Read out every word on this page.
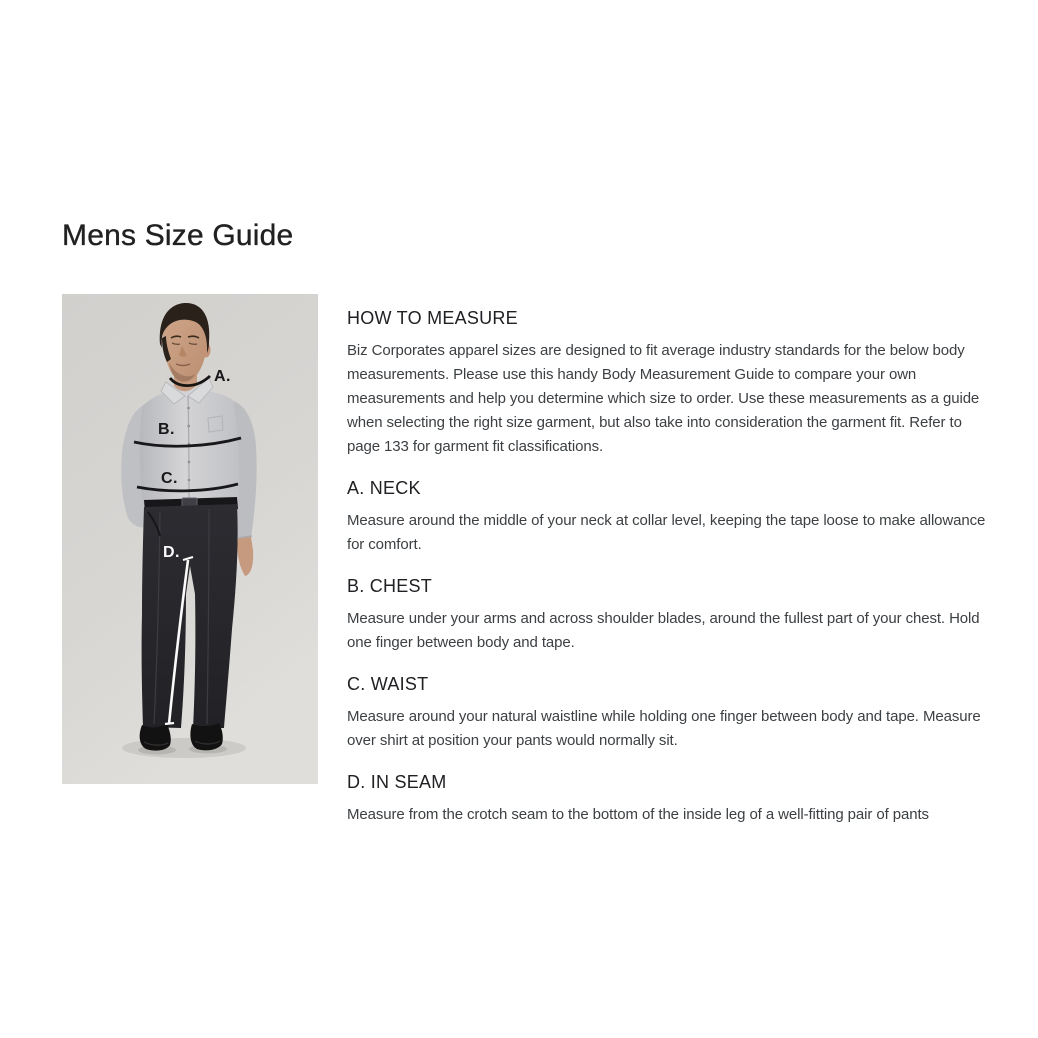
Mens Size Guide
A.
B.
C.
D.
HOW TO MEASURE

Biz Corporates apparel sizes are designed to fit average industry standards for the below body measurements. Please use this handy Body Measurement Guide to compare your own measurements and help you determine which size to order. Use these measurements as a guide when selecting the right size garment, but also take into consideration the garment fit. Refer to page 133 for garment fit classifications.

A. NECK

Measure around the middle of your neck at collar level, keeping the tape loose to make allowance for comfort.

B. CHEST

Measure under your arms and across shoulder blades, around the fullest part of your chest. Hold one finger between body and tape.

C. WAIST

Measure around your natural waistline while holding one finger between body and tape. Measure over shirt at position your pants would normally sit.

D. IN SEAM

Measure from the crotch seam to the bottom of the inside leg of a well-fitting pair of pants
